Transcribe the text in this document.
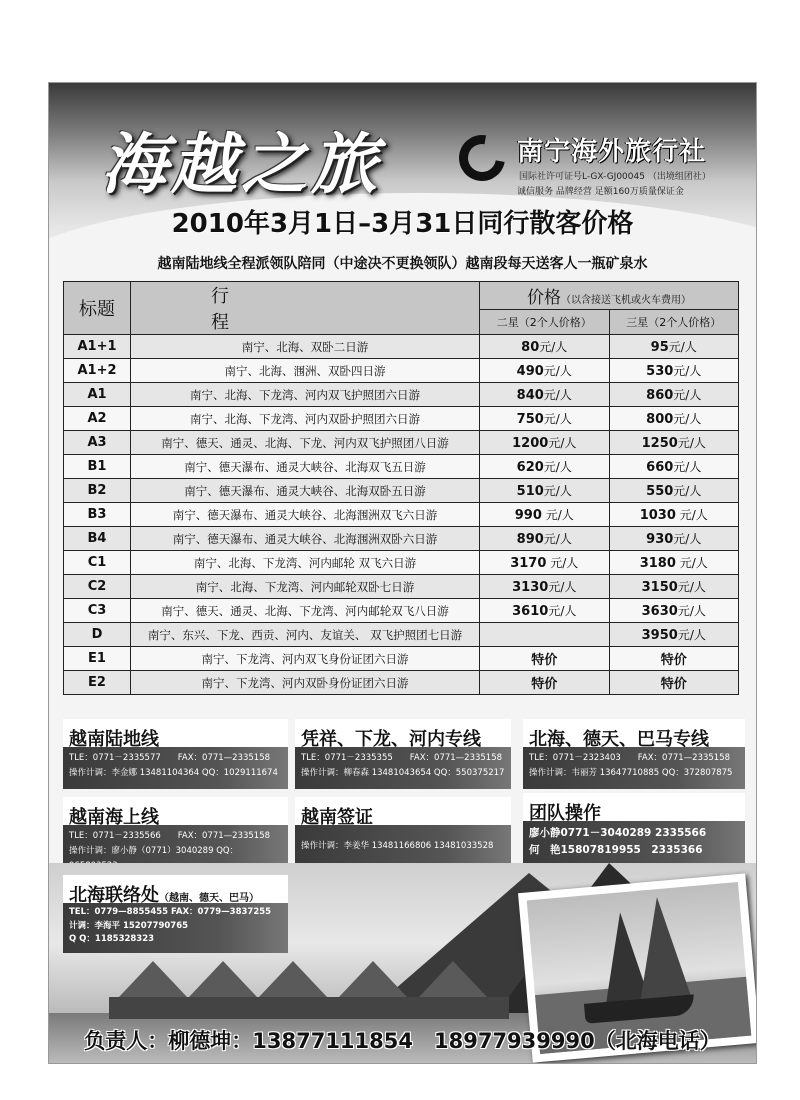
海越之旅	南宁海外旅行社
国际社许可证号L-GX-GJ00045 （出境组团社）
诚信服务 品牌经营 足额160万质量保证金
2010年3月1日–3月31日同行散客价格
越南陆地线全程派领队陪同（中途决不更换领队）越南段每天送客人一瓶矿泉水
标题	行程	价格（以含接送飞机或火车费用）	
		二星（2个人价格）	三星（2个人价格）
A1+1	南宁、北海、双卧二日游	80元/人	95元/人
A1+2	南宁、北海、涠洲、双卧四日游	490元/人	530元/人
A1	南宁、北海、下龙湾、河内双飞护照团六日游	840元/人	860元/人
A2	南宁、北海、下龙湾、河内双卧护照团六日游	750元/人	800元/人
A3	南宁、德天、通灵、北海、下龙、河内双飞护照团八日游	1200元/人	1250元/人
B1	南宁、德天瀑布、通灵大峡谷、北海双飞五日游	620元/人	660元/人
B2	南宁、德天瀑布、通灵大峡谷、北海双卧五日游	510元/人	550元/人
B3	南宁、德天瀑布、通灵大峡谷、北海涠洲双飞六日游	990 元/人	1030 元/人
B4	南宁、德天瀑布、通灵大峡谷、北海涠洲双卧六日游	890元/人	930元/人
C1	南宁、北海、下龙湾、河内邮轮 双飞六日游	3170 元/人	3180 元/人
C2	南宁、北海、下龙湾、河内邮轮双卧七日游	3130元/人	3150元/人
C3	南宁、德天、通灵、北海、下龙湾、河内邮轮双飞八日游	3610元/人	3630元/人
D	南宁、东兴、下龙、西贡、河内、友谊关、 双飞护照团七日游		3950元/人
E1	南宁、下龙湾、河内双飞身份证团六日游	特价	特价
E2	南宁、下龙湾、河内双卧身份证团六日游	特价	特价
越南陆地线
TLE：0771－2335577　　FAX：0771—2335158
操作计调：李金娜 13481104364 QQ：1029111674
凭祥、下龙、河内专线
TLE：0771－2335355　　FAX：0771—2335158
操作计调：柳春森 13481043654 QQ：550375217
北海、德天、巴马专线
TLE：0771－2323403　　FAX：0771—2335158
操作计调：韦丽芳 13647710885 QQ：372807875
越南海上线
TLE：0771－2335566　　FAX：0771—2335158
操作计调：廖小静（0771）3040289 QQ：
越南签证
操作计调：李姜华 13481166806 13481033528
团队操作
廖小静0771－3040289 2335566
何　艳15807819955　2335366
北海联络处（越南、德天、巴马）
TEL：0779—8855455 FAX：0779—3837255
计调：李海平 15207790765
Q Q：1185328323
负责人：柳德坤：13877111854　18977939990（北海电话）
